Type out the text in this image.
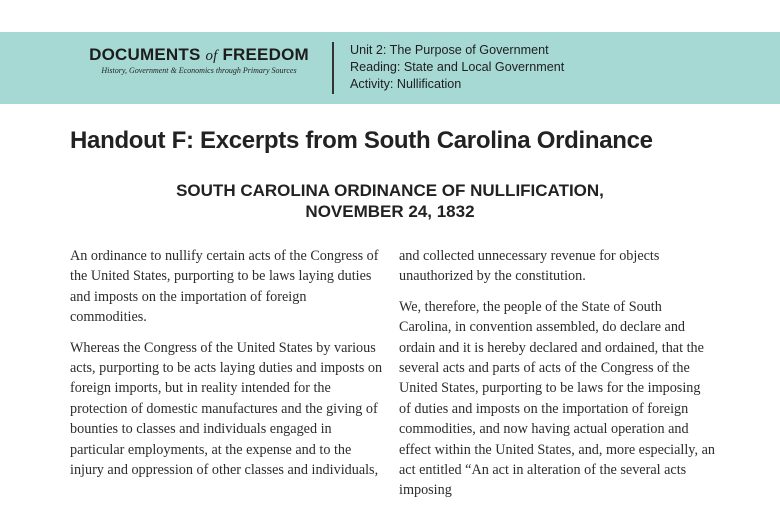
DOCUMENTS of FREEDOM
History, Government & Economics through Primary Sources
Unit 2: The Purpose of Government
Reading: State and Local Government
Activity: Nullification
Handout F: Excerpts from South Carolina Ordinance
SOUTH CAROLINA ORDINANCE OF NULLIFICATION,
NOVEMBER 24, 1832

An ordinance to nullify certain acts of the Congress of the United States, purporting to be laws laying duties and imposts on the importation of foreign commodities.

Whereas the Congress of the United States by various acts, purporting to be acts laying duties and imposts on foreign imports, but in reality intended for the protection of domestic manufactures and the giving of bounties to classes and individuals engaged in particular employments, at the expense and to the injury and oppression of other classes and individuals,

and collected unnecessary revenue for objects unauthorized by the constitution.

We, therefore, the people of the State of South Carolina, in convention assembled, do declare and ordain and it is hereby declared and ordained, that the several acts and parts of acts of the Congress of the United States, purporting to be laws for the imposing of duties and imposts on the importation of foreign commodities, and now having actual operation and effect within the United States, and, more especially, an act entitled “An act in alteration of the several acts imposing
